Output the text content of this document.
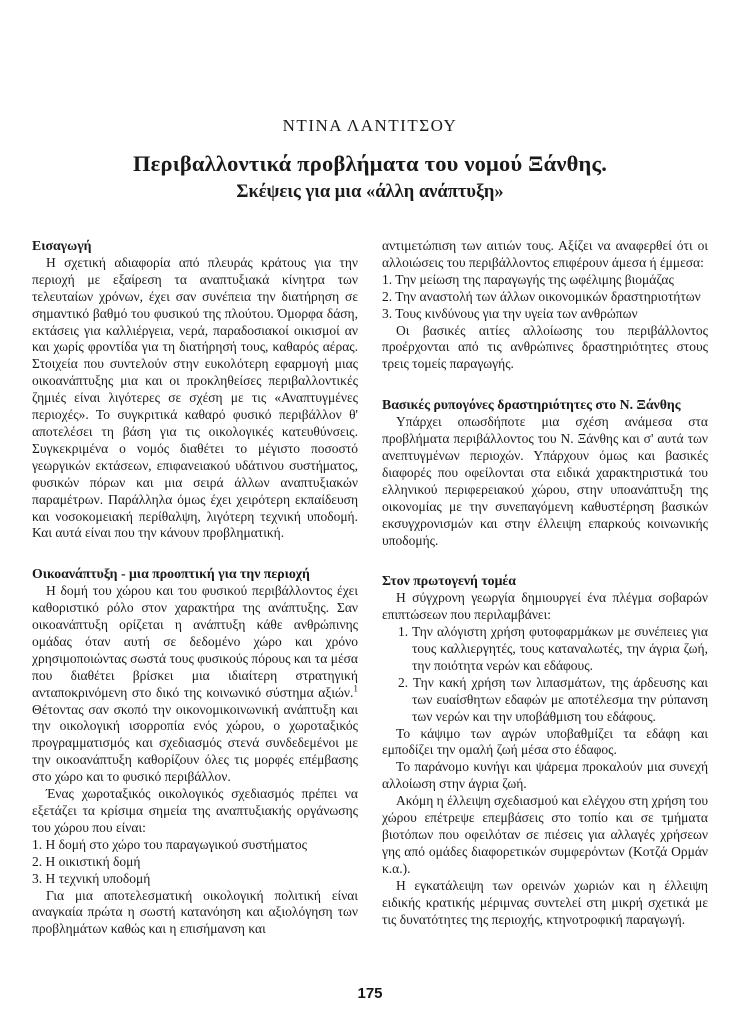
ΝΤΙΝΑ ΛΑΝΤΙΤΣΟΥ
Περιβαλλοντικά προβλήματα του νομού Ξάνθης.
Σκέψεις για μια «άλλη ανάπτυξη»
Εισαγωγή

Η σχετική αδιαφορία από πλευράς κράτους για την περιοχή με εξαίρεση τα αναπτυξιακά κίνητρα των τελευταίων χρόνων, έχει σαν συνέπεια την διατήρηση σε σημαντικό βαθμό του φυσικού της πλούτου. Όμορφα δάση, εκτάσεις για καλλιέργεια, νερά, παραδοσιακοί οικισμοί αν και χωρίς φροντίδα για τη διατήρησή τους, καθαρός αέρας. Στοιχεία που συντελούν στην ευκολότερη εφαρμογή μιας οικοανάπτυξης μια και οι προκληθείσες περιβαλλοντικές ζημιές είναι λιγότερες σε σχέση με τις «Αναπτυγμένες περιοχές». Το συγκριτικά καθαρό φυσικό περιβάλλον θ' αποτελέσει τη βάση για τις οικολογικές κατευθύνσεις. Συγκεκριμένα ο νομός διαθέτει το μέγιστο ποσοστό γεωργικών εκτάσεων, επιφανειακού υδάτινου συστήματος, φυσικών πόρων και μια σειρά άλλων αναπτυξιακών παραμέτρων. Παράλληλα όμως έχει χειρότερη εκπαίδευση και νοσοκομειακή περίθαλψη, λιγότερη τεχνική υποδομή. Και αυτά είναι που την κάνουν προβληματική.

Οικοανάπτυξη - μια προοπτική για την περιοχή

Η δομή του χώρου και του φυσικού περιβάλλοντος έχει καθοριστικό ρόλο στον χαρακτήρα της ανάπτυξης. Σαν οικοανάπτυξη ορίζεται η ανάπτυξη κάθε ανθρώπινης ομάδας όταν αυτή σε δεδομένο χώρο και χρόνο χρησιμοποιώντας σωστά τους φυσικούς πόρους και τα μέσα που διαθέτει βρίσκει μια ιδιαίτερη στρατηγική ανταποκρινόμενη στο δικό της κοινωνικό σύστημα αξιών.$^1$ Θέτοντας σαν σκοπό την οικονομικοινωνική ανάπτυξη και την οικολογική ισορροπία ενός χώρου, ο χωροταξικός προγραμματισμός και σχεδιασμός στενά συνδεδεμένοι με την οικοανάπτυξη καθορίζουν όλες τις μορφές επέμβασης στο χώρο και το φυσικό περιβάλλον.

Ένας χωροταξικός οικολογικός σχεδιασμός πρέπει να εξετάζει τα κρίσιμα σημεία της αναπτυξιακής οργάνωσης του χώρου που είναι:

1. Η δομή στο χώρο του παραγωγικού συστήματος

2. Η οικιστική δομή

3. Η τεχνική υποδομή

Για μια αποτελεσματική οικολογική πολιτική είναι αναγκαία πρώτα η σωστή κατανόηση και αξιολόγηση των προβλημάτων καθώς και η επισήμανση και

αντιμετώπιση των αιτιών τους. Αξίζει να αναφερθεί ότι οι αλλοιώσεις του περιβάλλοντος επιφέρουν άμεσα ή έμμεσα:

1. Την μείωση της παραγωγής της ωφέλιμης βιομάζας

2. Την αναστολή των άλλων οικονομικών δραστηριοτήτων

3. Τους κινδύνους για την υγεία των ανθρώπων

Οι βασικές αιτίες αλλοίωσης του περιβάλλοντος προέρχονται από τις ανθρώπινες δραστηριότητες στους τρεις τομείς παραγωγής.

Βασικές ρυπογόνες δραστηριότητες στο Ν. Ξάνθης

Υπάρχει οπωσδήποτε μια σχέση ανάμεσα στα προβλήματα περιβάλλοντος του Ν. Ξάνθης και σ' αυτά των ανεπτυγμένων περιοχών. Υπάρχουν όμως και βασικές διαφορές που οφείλονται στα ειδικά χαρακτηριστικά του ελληνικού περιφερειακού χώρου, στην υποανάπτυξη της οικονομίας με την συνεπαγόμενη καθυστέρηση βασικών εκσυγχρονισμών και στην έλλειψη επαρκούς κοινωνικής υποδομής.

Στον πρωτογενή τομέα

Η σύγχρονη γεωργία δημιουργεί ένα πλέγμα σοβαρών επιπτώσεων που περιλαμβάνει:

1. Την αλόγιστη χρήση φυτοφαρμάκων με συνέπειες για τους καλλιεργητές, τους καταναλωτές, την άγρια ζωή, την ποιότητα νερών και εδάφους.

2. Την κακή χρήση των λιπασμάτων, της άρδευσης και των ευαίσθητων εδαφών με αποτέλεσμα την ρύπανση των νερών και την υποβάθμιση του εδάφους.

Το κάψιμο των αγρών υποβαθμίζει τα εδάφη και εμποδίζει την ομαλή ζωή μέσα στο έδαφος.

Το παράνομο κυνήγι και ψάρεμα προκαλούν μια συνεχή αλλοίωση στην άγρια ζωή.

Ακόμη η έλλειψη σχεδιασμού και ελέγχου στη χρήση του χώρου επέτρεψε επεμβάσεις στο τοπίο και σε τμήματα βιοτόπων που οφειλόταν σε πιέσεις για αλλαγές χρήσεων γης από ομάδες διαφορετικών συμφερόντων (Κοτζά Ορμάν κ.α.).

Η εγκατάλειψη των ορεινών χωριών και η έλλειψη ειδικής κρατικής μέριμνας συντελεί στη μικρή σχετικά με τις δυνατότητες της περιοχής, κτηνοτροφική παραγωγή.

175
